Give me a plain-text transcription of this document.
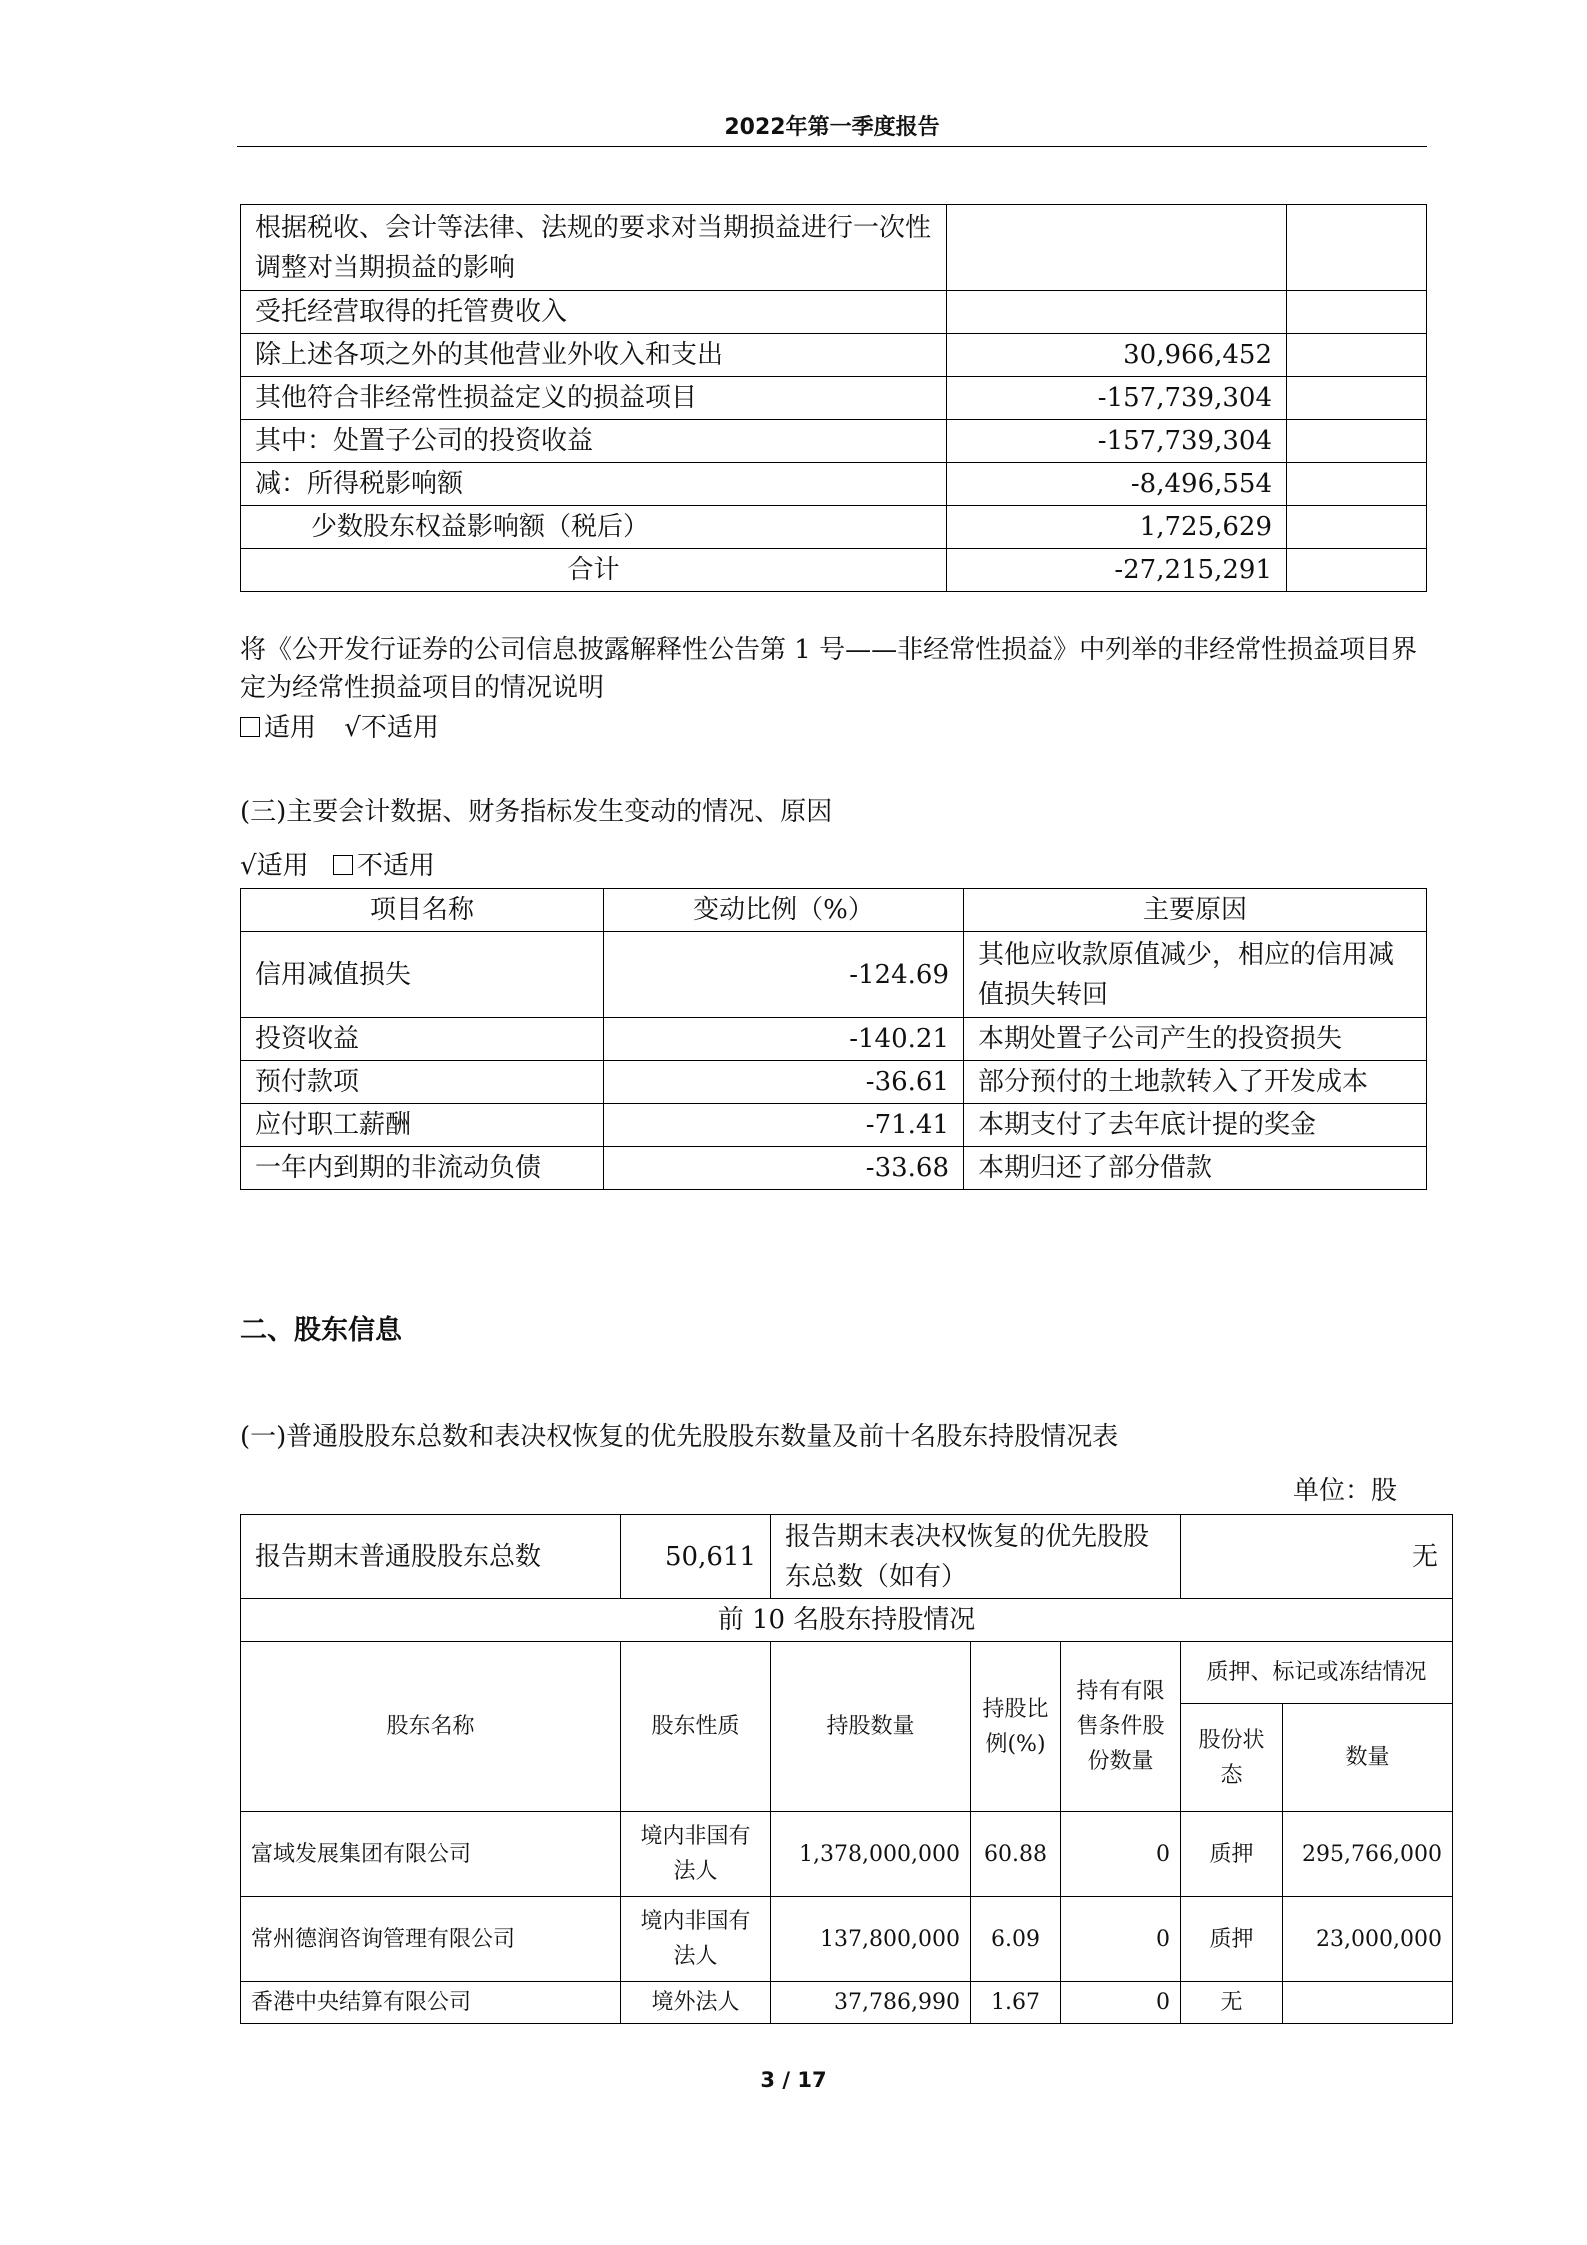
2022年第一季度报告
根据税收、会计等法律、法规的要求对当期损益进行一次性调整对当期损益的影响		
受托经营取得的托管费收入		
除上述各项之外的其他营业外收入和支出	30,966,452	
其他符合非经常性损益定义的损益项目	-157,739,304	
其中：处置子公司的投资收益	-157,739,304	
减：所得税影响额	-8,496,554	
少数股东权益影响额（税后）	1,725,629	
合计	-27,215,291	

将《公开发行证券的公司信息披露解释性公告第 1 号——非经常性损益》中列举的非经常性损益项目界定为经常性损益项目的情况说明

适用 √不适用

(三)主要会计数据、财务指标发生变动的情况、原因

√适用 不适用

项目名称	变动比例（%）	主要原因
信用减值损失	-124.69	其他应收款原值减少，相应的信用减值损失转回
投资收益	-140.21	本期处置子公司产生的投资损失
预付款项	-36.61	部分预付的土地款转入了开发成本
应付职工薪酬	-71.41	本期支付了去年底计提的奖金
一年内到期的非流动负债	-33.68	本期归还了部分借款
二、股东信息

(一)普通股股东总数和表决权恢复的优先股股东数量及前十名股东持股情况表

单位：股

报告期末普通股股东总数	50,611	报告期末表决权恢复的优先股股东总数（如有）			无	
前 10 名股东持股情况						
股东名称	股东性质	持股数量	持股比例(%)	持有有限售条件股份数量	质押、标记或冻结情况	
					股份状态	数量
富域发展集团有限公司	境内非国有法人	1,378,000,000	60.88	0	质押	295,766,000
常州德润咨询管理有限公司	境内非国有法人	137,800,000	6.09	0	质押	23,000,000
香港中央结算有限公司	境外法人	37,786,990	1.67	0	无	
3 / 17
